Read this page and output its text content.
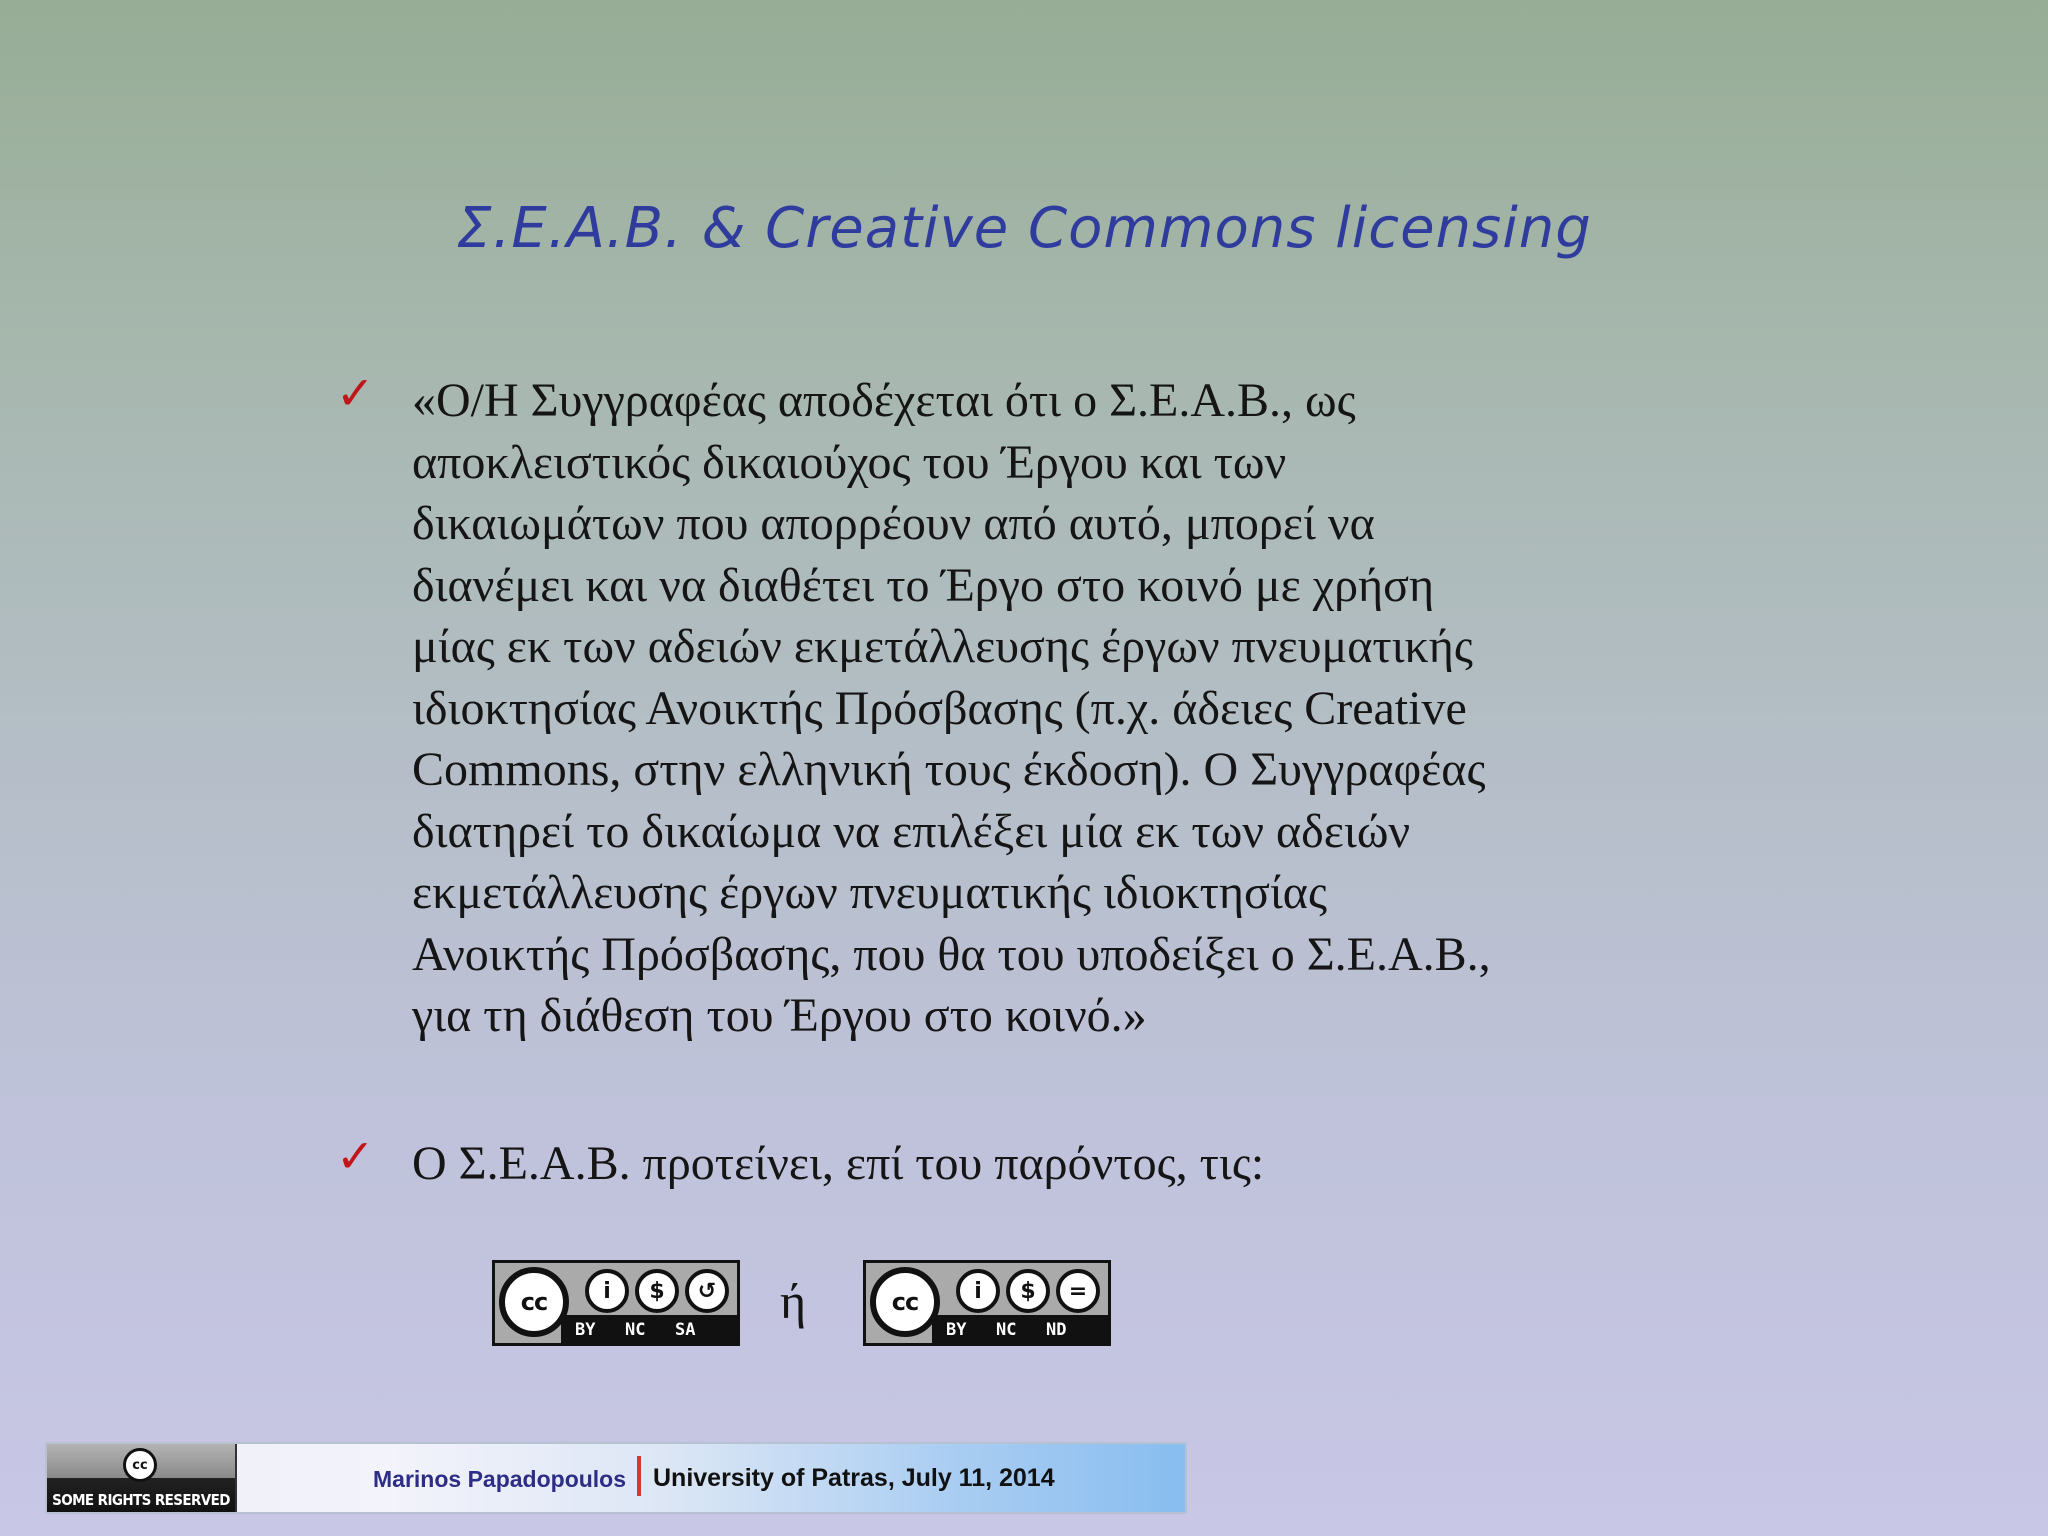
Σ.Ε.Α.Β. & Creative Commons licensing
✓ «Ο/Η Συγγραφέας αποδέχεται ότι ο Σ.Ε.Α.Β., ως
αποκλειστικός δικαιούχος του Έργου και των
δικαιωμάτων που απορρέουν από αυτό, μπορεί να
διανέμει και να διαθέτει το Έργο στο κοινό με χρήση
μίας εκ των αδειών εκμετάλλευσης έργων πνευματικής
ιδιοκτησίας Ανοικτής Πρόσβασης (π.χ. άδειες Creative
Commons, στην ελληνική τους έκδοση). Ο Συγγραφέας
διατηρεί το δικαίωμα να επιλέξει μία εκ των αδειών
εκμετάλλευσης έργων πνευματικής ιδιοκτησίας
Ανοικτής Πρόσβασης, που θα του υποδείξει ο Σ.Ε.Α.Β.,
για τη διάθεση του Έργου στο κοινό.»
✓ Ο Σ.Ε.Α.Β. προτείνει, επί του παρόντος, τις:
BY NC SA
cc	i	$	↺ ή
BY NC ND
cc	i	$	=
cc
SOME RIGHTS RESERVED
Marinos Papadopoulos University of Patras, July 11, 2014
